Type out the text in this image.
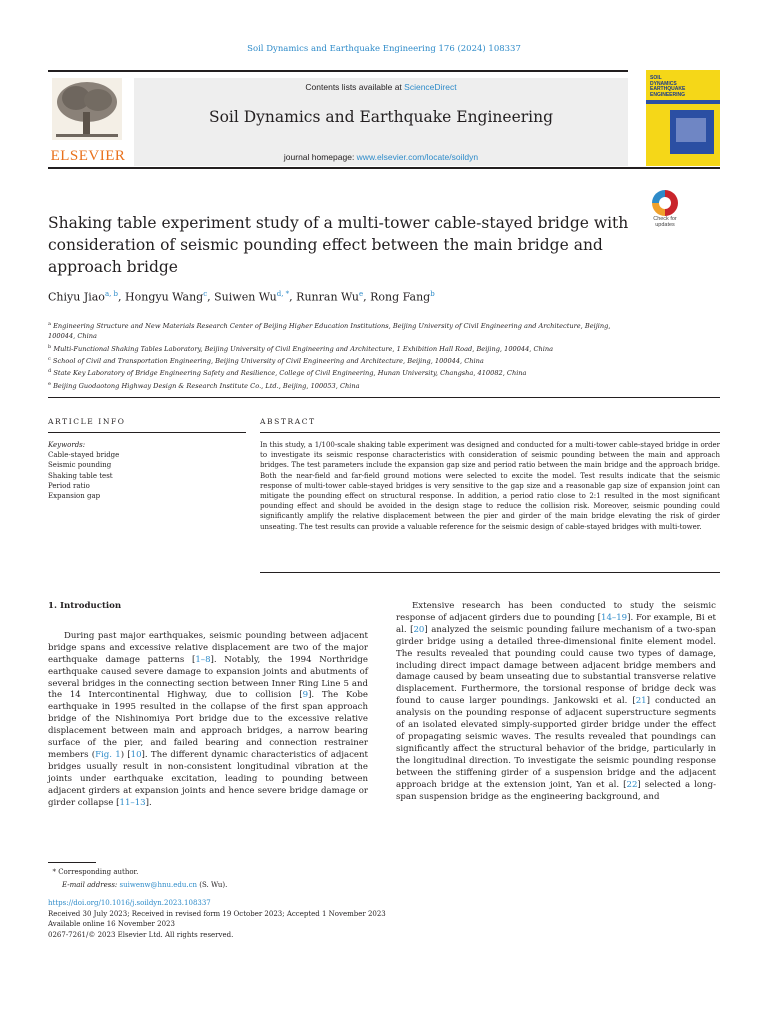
Soil Dynamics and Earthquake Engineering 176 (2024) 108337
ELSEVIER
Contents lists available at ScienceDirect
Soil Dynamics and Earthquake Engineering
journal homepage: www.elsevier.com/locate/soildyn
SOIL
DYNAMICS
EARTHQUAKE
ENGINEERING
Shaking table experiment study of a multi-tower cable-stayed bridge with consideration of seismic pounding effect between the main bridge and approach bridge
Check for
updates
Chiyu Jiao$^{a, b}$, Hongyu Wang$^c$, Suiwen $Wu^{d, *}$, Runran Wu$^e$, Rong Fang$^b$
$^a$ Engineering Structure and New Materials Research Center of Beijing Higher Education Institutions, Beijing University of Civil Engineering and Architecture, Beijing, 100044, China
$^b$ Multi-Functional Shaking Tables Laboratory, Beijing University of Civil Engineering and Architecture, 1 Exhibition Hall Road, Beijing, 100044, China
$^c$ School of Civil and Transportation Engineering, Beijing University of Civil Engineering and Architecture, Beijing, 100044, China
$^d$ State Key Laboratory of Bridge Engineering Safety and Resilience, College of Civil Engineering, Hunan University, Changsha, 410082, China
$^e$ Beijing Guodaotong Highway Design & Research Institute Co., Ltd., Beijing, 100053, China
ARTICLE INFO	ABSTRACT
Keywords:
Cable-stayed bridge
Seismic pounding
Shaking table test
Period ratio
Expansion gap
In this study, a 1/100-scale shaking table experiment was designed and conducted for a multi-tower cable-stayed bridge in order to investigate its seismic response characteristics with consideration of seismic pounding between the main and approach bridges. The test parameters include the expansion gap size and period ratio between the main bridge and the approach bridge. Both the near-field and far-field ground motions were selected to excite the model. Test results indicate that the seismic response of multi-tower cable-stayed bridges is very sensitive to the gap size and a reasonable gap size of expansion joint can mitigate the pounding effect on structural response. In addition, a period ratio close to 2:1 resulted in the most significant pounding effect and should be avoided in the design stage to reduce the collision risk. Moreover, seismic pounding could significantly amplify the relative displacement between the pier and girder of the main bridge elevating the risk of girder unseating. The test results can provide a valuable reference for the seismic design of cable-stayed bridges with multi-tower.
1. Introduction

During past major earthquakes, seismic pounding between adjacent bridge spans and excessive relative displacement are two of the major earthquake damage patterns [1–8]. Notably, the 1994 Northridge earthquake caused severe damage to expansion joints and abutments of several bridges in the connecting section between Inner Ring Line 5 and the 14 Intercontinental Highway, due to collision [9]. The Kobe earthquake in 1995 resulted in the collapse of the first span approach bridge of the Nishinomiya Port bridge due to the excessive relative displacement between main and approach bridges, a narrow bearing surface of the pier, and failed bearing and connection restrainer members (Fig. 1) [10]. The different dynamic characteristics of adjacent bridges usually result in non-consistent longitudinal vibration at the joints under earthquake excitation, leading to pounding between adjacent girders at expansion joints and hence severe bridge damage or girder collapse [11–13].

Extensive research has been conducted to study the seismic response of adjacent girders due to pounding [14–19]. For example, Bi et al. [20] analyzed the seismic pounding failure mechanism of a two-span girder bridge using a detailed three-dimensional finite element model. The results revealed that pounding could cause two types of damage, including direct impact damage between adjacent bridge members and damage caused by beam unseating due to substantial transverse relative displacement. Furthermore, the torsional response of bridge deck was found to cause larger poundings. Jankowski et al. [21] conducted an analysis on the pounding response of adjacent superstructure segments of an isolated elevated simply-supported girder bridge under the effect of propagating seismic waves. The results revealed that poundings can significantly affect the structural behavior of the bridge, particularly in the longitudinal direction. To investigate the seismic pounding response between the stiffening girder of a suspension bridge and the adjacent approach bridge at the extension joint, Yan et al. [22] selected a long-span suspension bridge as the engineering background, and

* Corresponding author.
E-mail address: suiwenw@hnu.edu.cn (S. Wu).
https://doi.org/10.1016/j.soildyn.2023.108337
Received 30 July 2023; Received in revised form 19 October 2023; Accepted 1 November 2023
Available online 16 November 2023
0267-7261/© 2023 Elsevier Ltd. All rights reserved.
